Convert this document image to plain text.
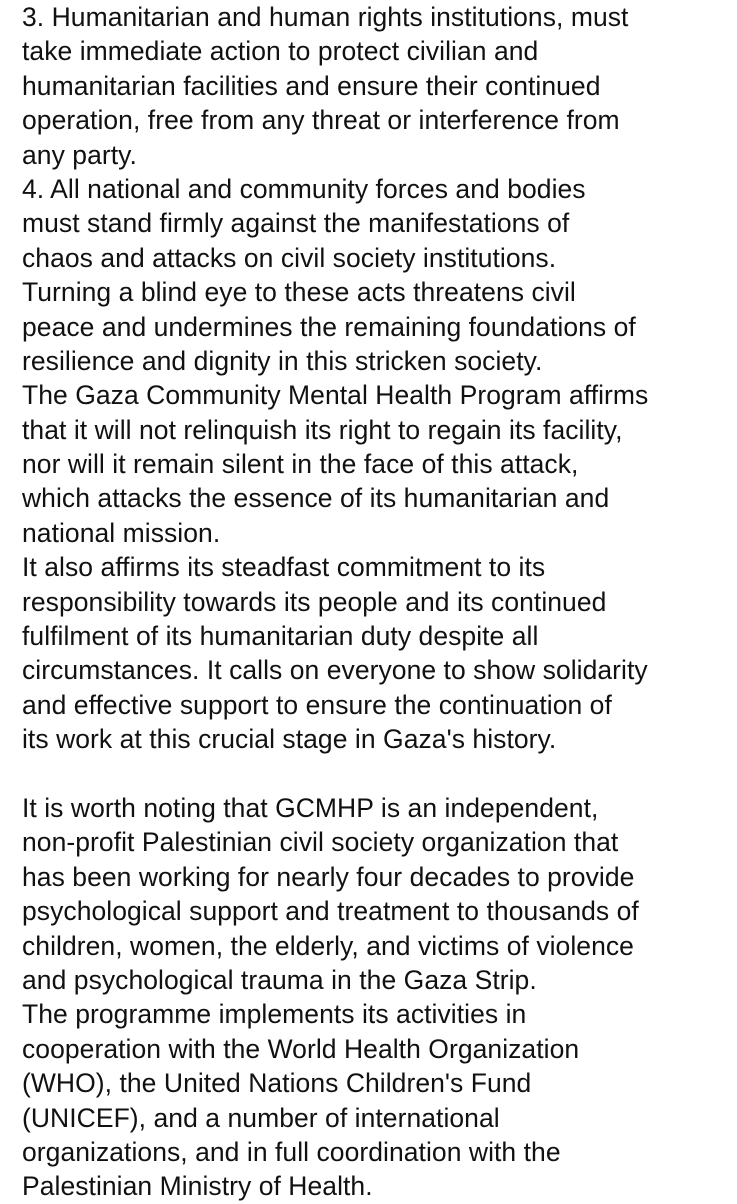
3. Humanitarian and human rights institutions, must
take immediate action to protect civilian and
humanitarian facilities and ensure their continued
operation, free from any threat or interference from
any party.
4. All national and community forces and bodies
must stand firmly against the manifestations of
chaos and attacks on civil society institutions.
Turning a blind eye to these acts threatens civil
peace and undermines the remaining foundations of
resilience and dignity in this stricken society.
The Gaza Community Mental Health Program affirms
that it will not relinquish its right to regain its facility,
nor will it remain silent in the face of this attack,
which attacks the essence of its humanitarian and
national mission.
It also affirms its steadfast commitment to its
responsibility towards its people and its continued
fulfilment of its humanitarian duty despite all
circumstances. It calls on everyone to show solidarity
and effective support to ensure the continuation of
its work at this crucial stage in Gaza's history.
It is worth noting that GCMHP is an independent,
non-profit Palestinian civil society organization that
has been working for nearly four decades to provide
psychological support and treatment to thousands of
children, women, the elderly, and victims of violence
and psychological trauma in the Gaza Strip.
The programme implements its activities in
cooperation with the World Health Organization
(WHO), the United Nations Children's Fund
(UNICEF), and a number of international
organizations, and in full coordination with the
Palestinian Ministry of Health.
